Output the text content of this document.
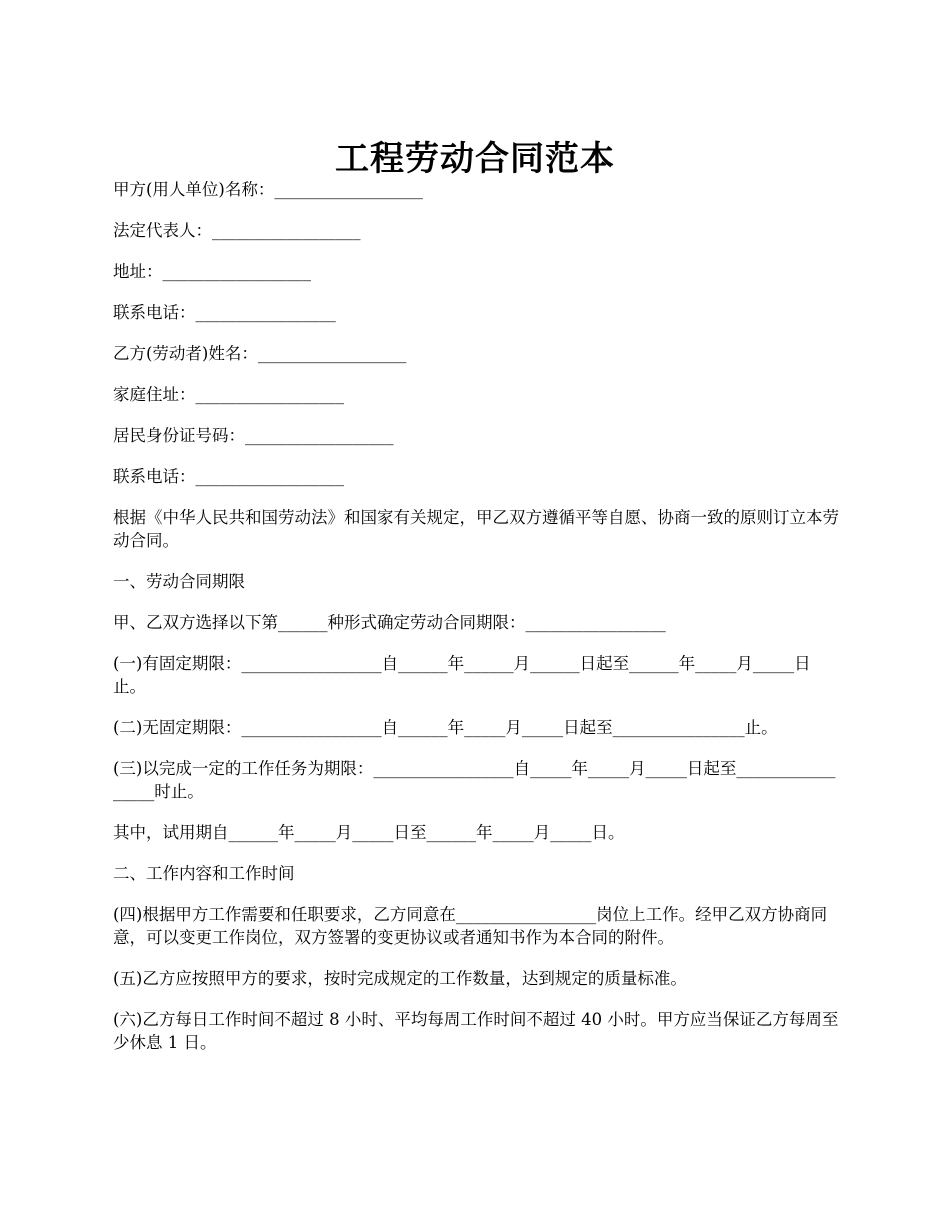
工程劳动合同范本

甲方(用人单位)名称：__________________

法定代表人：__________________

地址：__________________

联系电话：_________________

乙方(劳动者)姓名：__________________

家庭住址：__________________

居民身份证号码：__________________

联系电话：__________________

根据《中华人民共和国劳动法》和国家有关规定，甲乙双方遵循平等自愿、协商一致的原则订立本劳动合同。

一、劳动合同期限

甲、乙双方选择以下第______种形式确定劳动合同期限：_________________

(一)有固定期限：_________________自______年______月______日起至______年_____月_____日止。

(二)无固定期限：_________________自______年_____月_____日起至________________止。

(三)以完成一定的工作任务为期限：_________________自_____年_____月_____日起至_________________时止。

其中，试用期自______年_____月_____日至______年_____月_____日。

二、工作内容和工作时间

(四)根据甲方工作需要和任职要求，乙方同意在_________________岗位上工作。经甲乙双方协商同意，可以变更工作岗位，双方签署的变更协议或者通知书作为本合同的附件。

(五)乙方应按照甲方的要求，按时完成规定的工作数量，达到规定的质量标准。

(六)乙方每日工作时间不超过 8 小时、平均每周工作时间不超过 40 小时。甲方应当保证乙方每周至少休息 1 日。
